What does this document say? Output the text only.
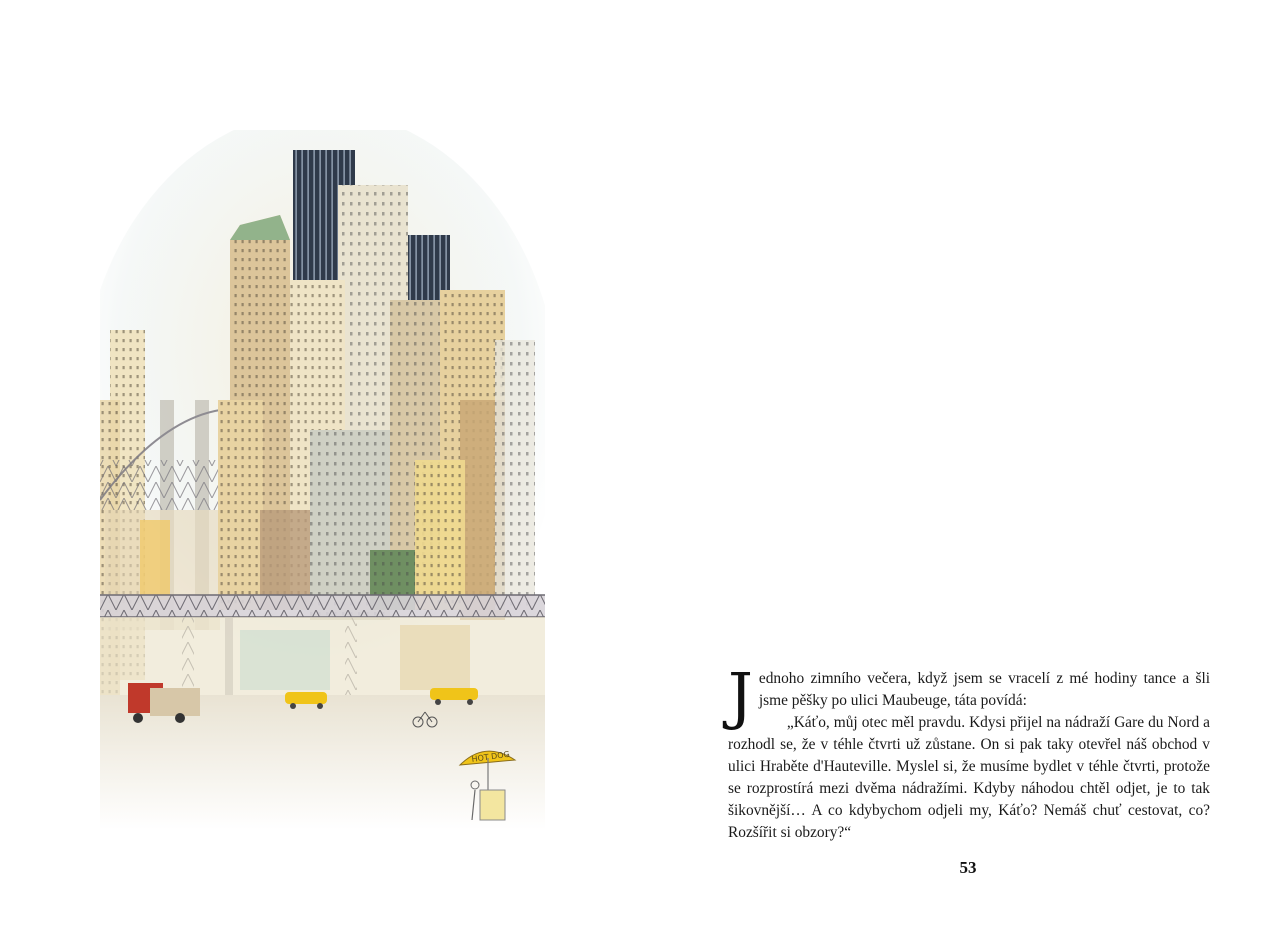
HOT DOG

Jednoho zimního večera, když jsem se vracelí z mé hodiny tance a šli jsme pěšky po ulici Maubeuge, táta povídá:

„Káťo, můj otec měl pravdu. Kdysi přijel na nádraží Gare du Nord a rozhodl se, že v téhle čtvrti už zůstane. On si pak taky otevřel náš obchod v ulici Hraběte d'Hauteville. Myslel si, že musíme bydlet v téhle čtvrti, protože se rozprostírá mezi dvěma nádražími. Kdyby náhodou chtěl odjet, je to tak šikovnější… A co kdybychom odjeli my, Káťo? Nemáš chuť cestovat, co? Rozšířit si obzory?“

53
